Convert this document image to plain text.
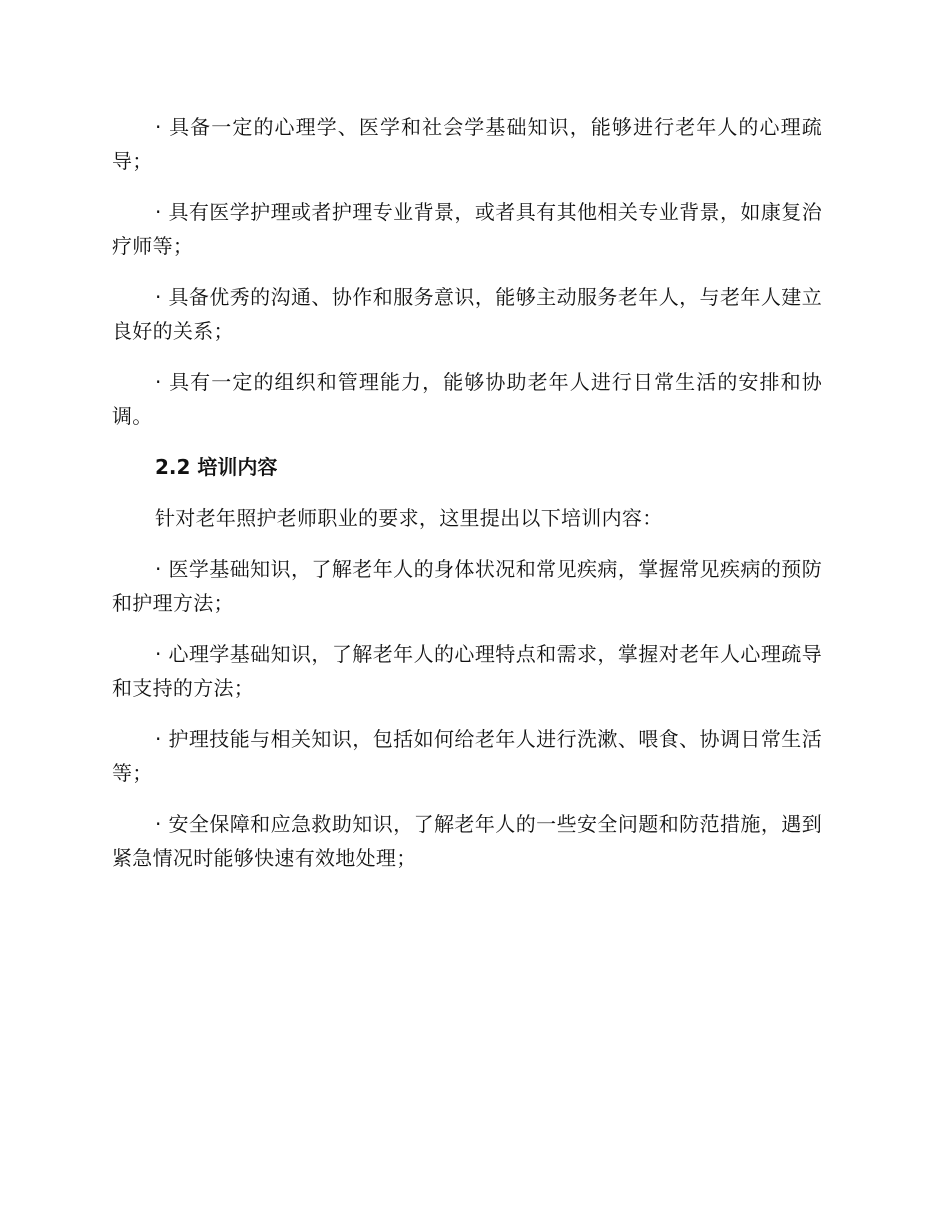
· 具备一定的心理学、医学和社会学基础知识，能够进行老年人的心理疏导；

· 具有医学护理或者护理专业背景，或者具有其他相关专业背景，如康复治疗师等；

· 具备优秀的沟通、协作和服务意识，能够主动服务老年人，与老年人建立良好的关系；

· 具有一定的组织和管理能力，能够协助老年人进行日常生活的安排和协调。

2.2 培训内容

针对老年照护老师职业的要求，这里提出以下培训内容：

· 医学基础知识，了解老年人的身体状况和常见疾病，掌握常见疾病的预防和护理方法；

· 心理学基础知识，了解老年人的心理特点和需求，掌握对老年人心理疏导和支持的方法；

· 护理技能与相关知识，包括如何给老年人进行洗漱、喂食、协调日常生活等；

· 安全保障和应急救助知识，了解老年人的一些安全问题和防范措施，遇到紧急情况时能够快速有效地处理；
